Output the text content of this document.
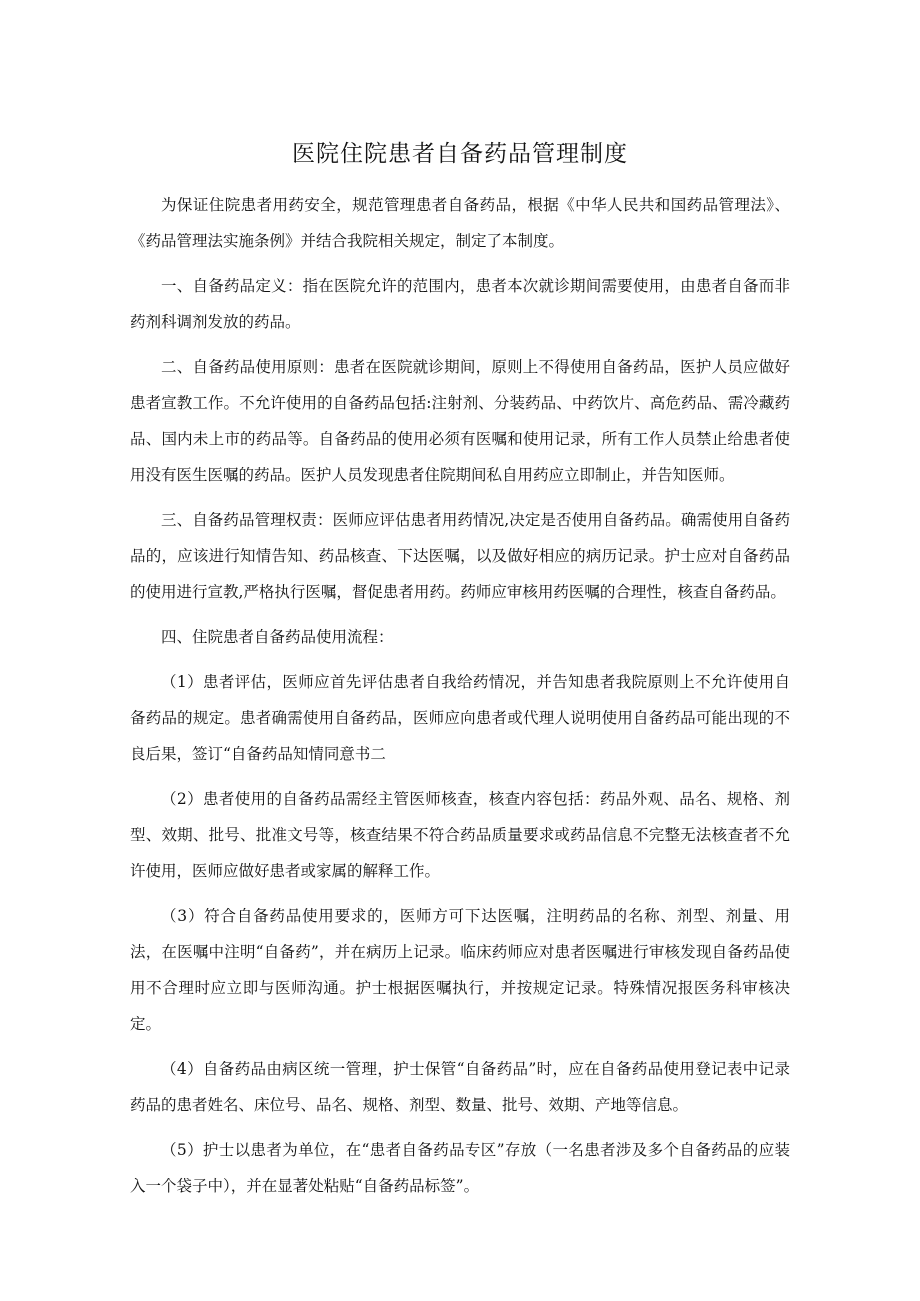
医院住院患者自备药品管理制度

为保证住院患者用药安全，规范管理患者自备药品，根据《中华人民共和国药品管理法》、《药品管理法实施条例》并结合我院相关规定，制定了本制度。

一、自备药品定义：指在医院允许的范围内，患者本次就诊期间需要使用，由患者自备而非药剂科调剂发放的药品。

二、自备药品使用原则：患者在医院就诊期间，原则上不得使用自备药品，医护人员应做好患者宣教工作。不允许使用的自备药品包括:注射剂、分装药品、中药饮片、高危药品、需冷藏药品、国内未上市的药品等。自备药品的使用必须有医嘱和使用记录，所有工作人员禁止给患者使用没有医生医嘱的药品。医护人员发现患者住院期间私自用药应立即制止，并告知医师。

三、自备药品管理权责：医师应评估患者用药情况,决定是否使用自备药品。确需使用自备药品的，应该进行知情告知、药品核查、下达医嘱，以及做好相应的病历记录。护士应对自备药品的使用进行宣教,严格执行医嘱，督促患者用药。药师应审核用药医嘱的合理性，核查自备药品。

四、住院患者自备药品使用流程：

（1）患者评估，医师应首先评估患者自我给药情况，并告知患者我院原则上不允许使用自备药品的规定。患者确需使用自备药品，医师应向患者或代理人说明使用自备药品可能出现的不良后果，签订“自备药品知情同意书二

（2）患者使用的自备药品需经主管医师核查，核查内容包括：药品外观、品名、规格、剂型、效期、批号、批准文号等，核查结果不符合药品质量要求或药品信息不完整无法核查者不允许使用，医师应做好患者或家属的解释工作。

（3）符合自备药品使用要求的，医师方可下达医嘱，注明药品的名称、剂型、剂量、用法，在医嘱中注明“自备药”，并在病历上记录。临床药师应对患者医嘱进行审核发现自备药品使用不合理时应立即与医师沟通。护士根据医嘱执行，并按规定记录。特殊情况报医务科审核决定。

（4）自备药品由病区统一管理，护士保管“自备药品”时，应在自备药品使用登记表中记录药品的患者姓名、床位号、品名、规格、剂型、数量、批号、效期、产地等信息。

（5）护士以患者为单位，在“患者自备药品专区”存放（一名患者涉及多个自备药品的应装入一个袋子中），并在显著处粘贴“自备药品标签”。
